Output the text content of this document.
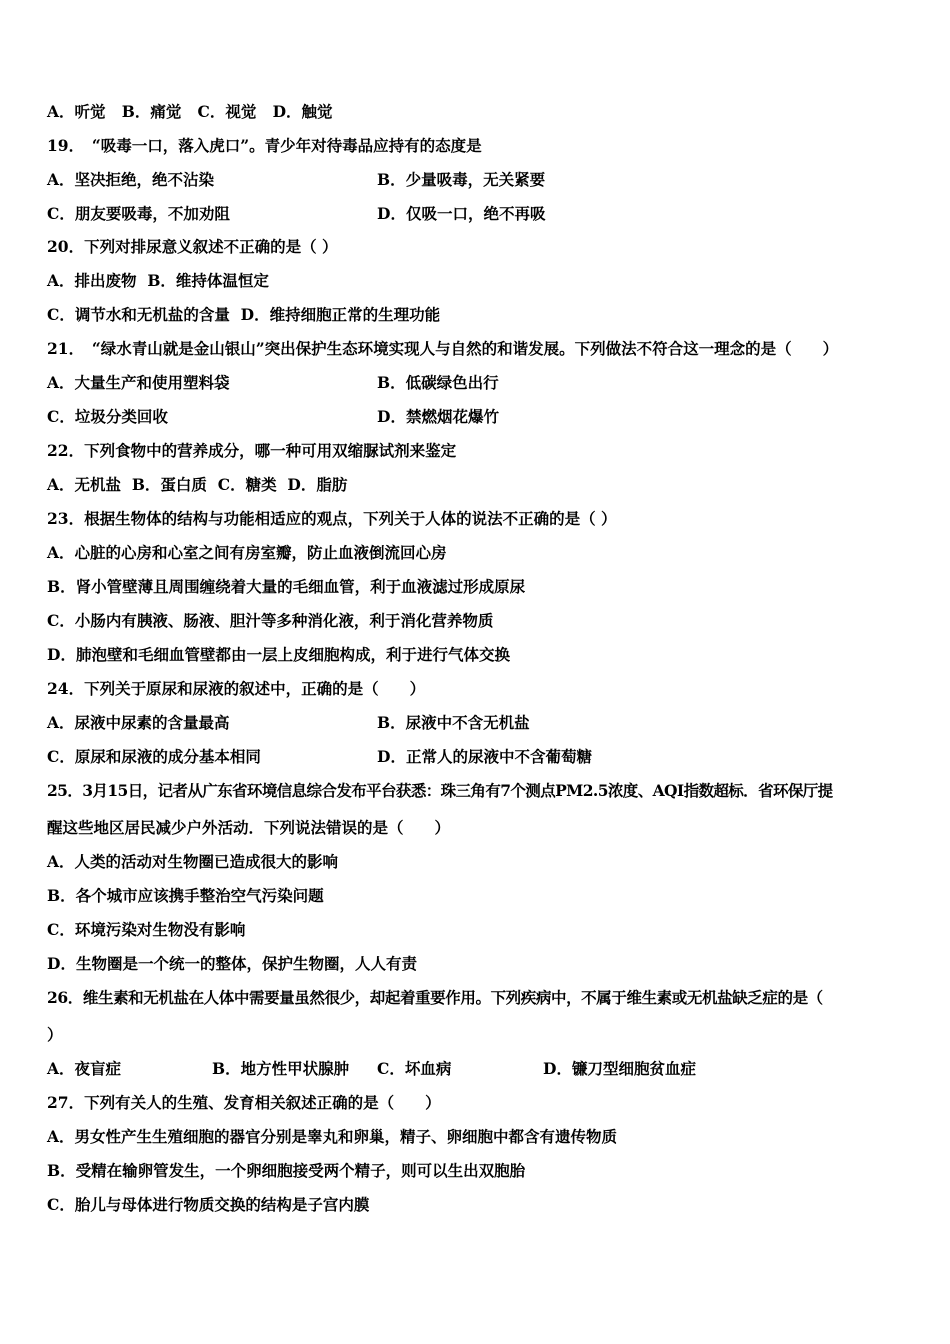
A．听觉 B．痛觉 C．视觉 D．触觉
19．　“吸毒一口，落入虎口”。青少年对待毒品应持有的态度是
A．坚决拒绝，绝不沾染	B．少量吸毒，无关紧要
C．朋友要吸毒，不加劝阻	D．仅吸一口，绝不再吸
20．下列对排尿意义叙述不正确的是（ ）
A．排出废物 B．维持体温恒定
C．调节水和无机盐的含量 D．维持细胞正常的生理功能
21．　“绿水青山就是金山银山”突出保护生态环境实现人与自然的和谐发展。下列做法不符合这一理念的是（　　）
A．大量生产和使用塑料袋	B．低碳绿色出行
C．垃圾分类回收	D．禁燃烟花爆竹
22．下列食物中的营养成分，哪一种可用双缩脲试剂来鉴定
A．无机盐 B．蛋白质 C．糖类 D．脂肪
23．根据生物体的结构与功能相适应的观点，下列关于人体的说法不正确的是（ ）
A．心脏的心房和心室之间有房室瓣，防止血液倒流回心房
B．肾小管壁薄且周围缠绕着大量的毛细血管，利于血液滤过形成原尿
C．小肠内有胰液、肠液、胆汁等多种消化液，利于消化营养物质
D．肺泡壁和毛细血管壁都由一层上皮细胞构成，利于进行气体交换
24．下列关于原尿和尿液的叙述中，正确的是（　　）
A．尿液中尿素的含量最高	B．尿液中不含无机盐
C．原尿和尿液的成分基本相同	D．正常人的尿液中不含葡萄糖
25．3月15日，记者从广东省环境信息综合发布平台获悉：珠三角有7个测点PM2.5浓度、AQI指数超标．省环保厅提
醒这些地区居民减少户外活动．下列说法错误的是（　　）
A．人类的活动对生物圈已造成很大的影响
B．各个城市应该携手整治空气污染问题
C．环境污染对生物没有影响
D．生物圈是一个统一的整体，保护生物圈，人人有责
26．维生素和无机盐在人体中需要量虽然很少，却起着重要作用。下列疾病中，不属于维生素或无机盐缺乏症的是（
）
A．夜盲症	B．地方性甲状腺肿 C．坏血病	D．镰刀型细胞贫血症
27．下列有关人的生殖、发育相关叙述正确的是（　　）
A．男女性产生生殖细胞的器官分别是睾丸和卵巢，精子、卵细胞中都含有遗传物质
B．受精在输卵管发生，一个卵细胞接受两个精子，则可以生出双胞胎
C．胎儿与母体进行物质交换的结构是子宫内膜
